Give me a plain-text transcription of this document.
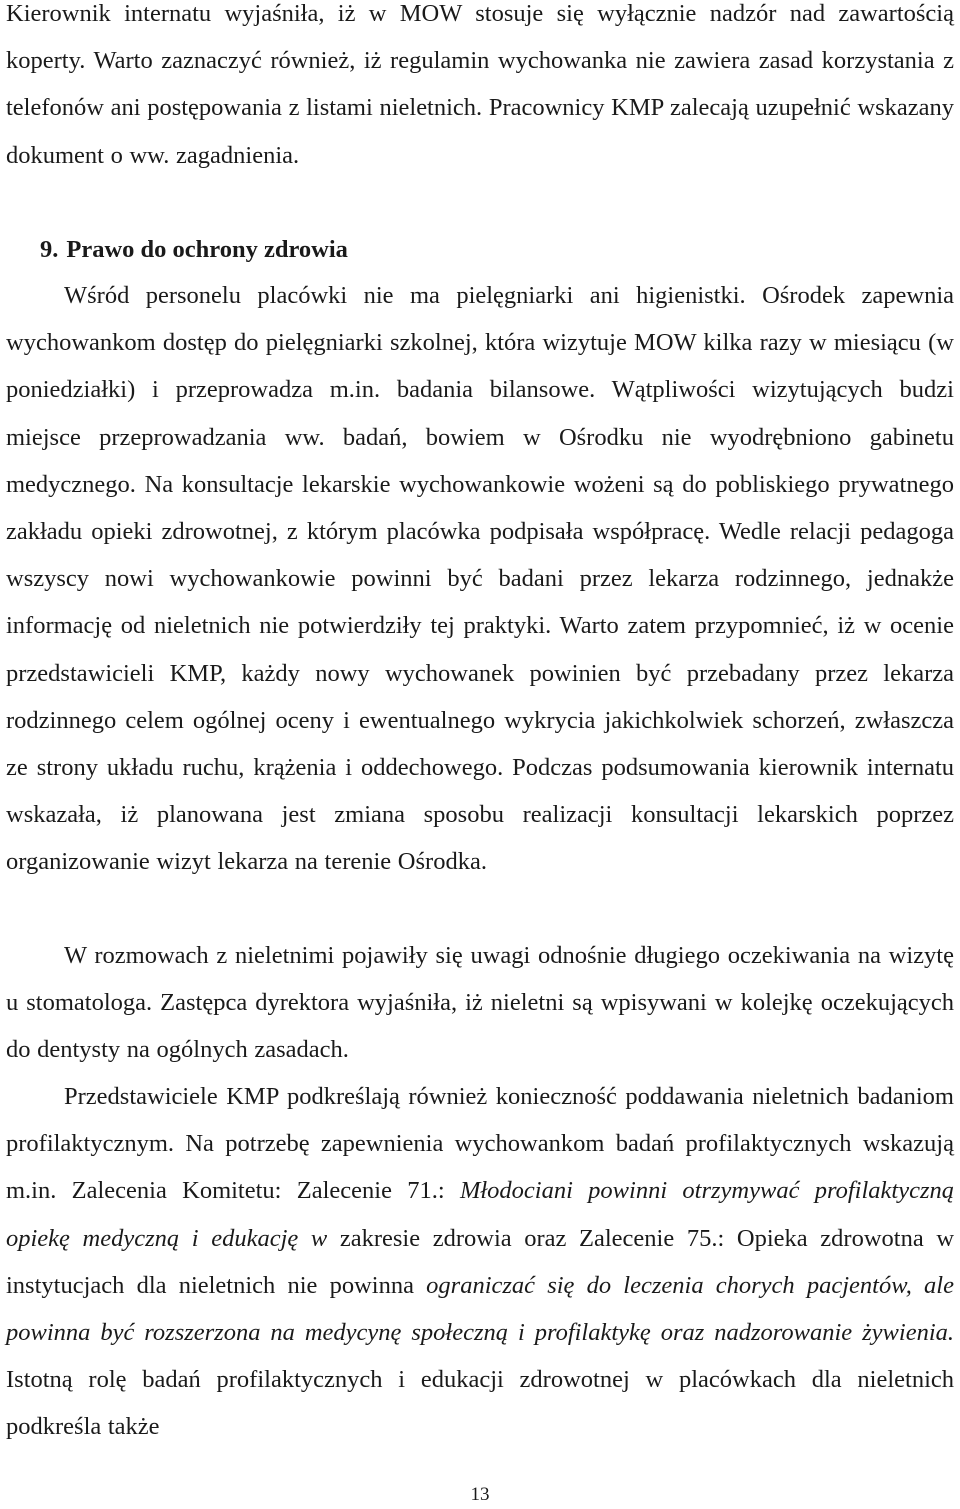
Kierownik internatu wyjaśniła, iż w MOW stosuje się wyłącznie nadzór nad zawartością koperty. Warto zaznaczyć również, iż regulamin wychowanka nie zawiera zasad korzystania z telefonów ani postępowania z listami nieletnich. Pracownicy KMP zalecają uzupełnić wskazany dokument o ww. zagadnienia.

9. Prawo do ochrony zdrowia

Wśród personelu placówki nie ma pielęgniarki ani higienistki. Ośrodek zapewnia wychowankom dostęp do pielęgniarki szkolnej, która wizytuje MOW kilka razy w miesiącu (w poniedziałki) i przeprowadza m.in. badania bilansowe. Wątpliwości wizytujących budzi miejsce przeprowadzania ww. badań, bowiem w Ośrodku nie wyodrębniono gabinetu medycznego. Na konsultacje lekarskie wychowankowie wożeni są do pobliskiego prywatnego zakładu opieki zdrowotnej, z którym placówka podpisała współpracę. Wedle relacji pedagoga wszyscy nowi wychowankowie powinni być badani przez lekarza rodzinnego, jednakże informację od nieletnich nie potwierdziły tej praktyki. Warto zatem przypomnieć, iż w ocenie przedstawicieli KMP, każdy nowy wychowanek powinien być przebadany przez lekarza rodzinnego celem ogólnej oceny i ewentualnego wykrycia jakichkolwiek schorzeń, zwłaszcza ze strony układu ruchu, krążenia i oddechowego. Podczas podsumowania kierownik internatu wskazała, iż planowana jest zmiana sposobu realizacji konsultacji lekarskich poprzez organizowanie wizyt lekarza na terenie Ośrodka.

W rozmowach z nieletnimi pojawiły się uwagi odnośnie długiego oczekiwania na wizytę u stomatologa. Zastępca dyrektora wyjaśniła, iż nieletni są wpisywani w kolejkę oczekujących do dentysty na ogólnych zasadach.

Przedstawiciele KMP podkreślają również konieczność poddawania nieletnich badaniom profilaktycznym. Na potrzebę zapewnienia wychowankom badań profilaktycznych wskazują m.in. Zalecenia Komitetu: Zalecenie 71.: Młodociani powinni otrzymywać profilaktyczną opiekę medyczną i edukację w zakresie zdrowia oraz Zalecenie 75.: Opieka zdrowotna w instytucjach dla nieletnich nie powinna ograniczać się do leczenia chorych pacjentów, ale powinna być rozszerzona na medycynę społeczną i profilaktykę oraz nadzorowanie żywienia. Istotną rolę badań profilaktycznych i edukacji zdrowotnej w placówkach dla nieletnich podkreśla także

13
